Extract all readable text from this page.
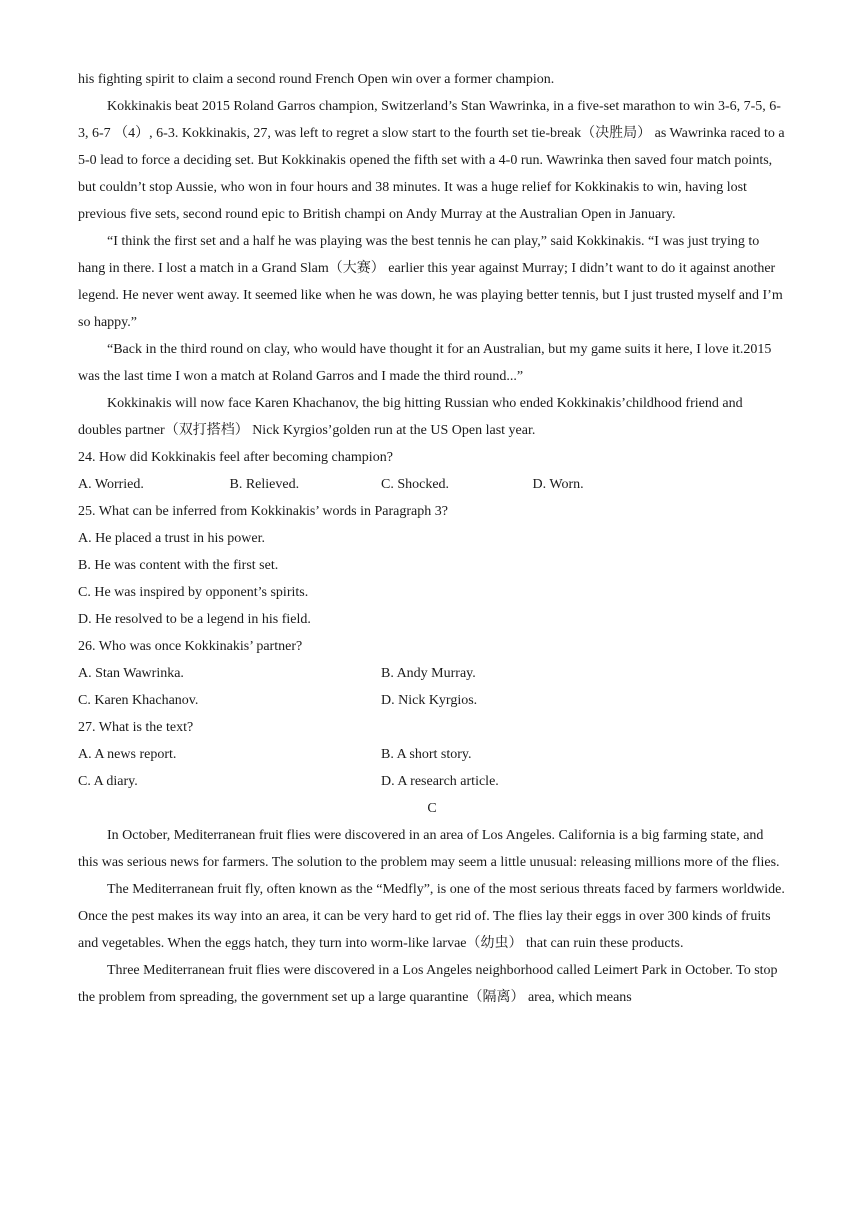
his fighting spirit to claim a second round French Open win over a former champion.

Kokkinakis beat 2015 Roland Garros champion, Switzerland’s Stan Wawrinka, in a five-set marathon to win 3-6, 7-5, 6-3, 6-7 （4）, 6-3. Kokkinakis, 27, was left to regret a slow start to the fourth set tie-break（决胜局） as Wawrinka raced to a 5-0 lead to force a deciding set. But Kokkinakis opened the fifth set with a 4-0 run. Wawrinka then saved four match points, but couldn’t stop Aussie, who won in four hours and 38 minutes. It was a huge relief for Kokkinakis to win, having lost previous five sets, second round epic to British champi on Andy Murray at the Australian Open in January.

“I think the first set and a half he was playing was the best tennis he can play,” said Kokkinakis. “I was just trying to hang in there. I lost a match in a Grand Slam（大赛） earlier this year against Murray; I didn’t want to do it against another legend. He never went away. It seemed like when he was down, he was playing better tennis, but I just trusted myself and I’m so happy.”

“Back in the third round on clay, who would have thought it for an Australian, but my game suits it here, I love it.2015 was the last time I won a match at Roland Garros and I made the third round...”

Kokkinakis will now face Karen Khachanov, the big hitting Russian who ended Kokkinakis’childhood friend and doubles partner（双打搭档） Nick Kyrgios’golden run at the US Open last year.

24. How did Kokkinakis feel after becoming champion?

A. Worried.	B. Relieved.	C. Shocked.	D. Worn.

25. What can be inferred from Kokkinakis’ words in Paragraph 3?

A. He placed a trust in his power.

B. He was content with the first set.

C. He was inspired by opponent’s spirits.

D. He resolved to be a legend in his field.

26. Who was once Kokkinakis’ partner?

A. Stan Wawrinka.	B. Andy Murray.
C. Karen Khachanov.	D. Nick Kyrgios.

27. What is the text?

A. A news report.	B. A short story.
C. A diary.	D. A research article.

C

In October, Mediterranean fruit flies were discovered in an area of Los Angeles. California is a big farming state, and this was serious news for farmers. The solution to the problem may seem a little unusual: releasing millions more of the flies.

The Mediterranean fruit fly, often known as the “Medfly”, is one of the most serious threats faced by farmers worldwide. Once the pest makes its way into an area, it can be very hard to get rid of. The flies lay their eggs in over 300 kinds of fruits and vegetables. When the eggs hatch, they turn into worm-like larvae（幼虫） that can ruin these products.

Three Mediterranean fruit flies were discovered in a Los Angeles neighborhood called Leimert Park in October. To stop the problem from spreading, the government set up a large quarantine（隔离） area, which means
